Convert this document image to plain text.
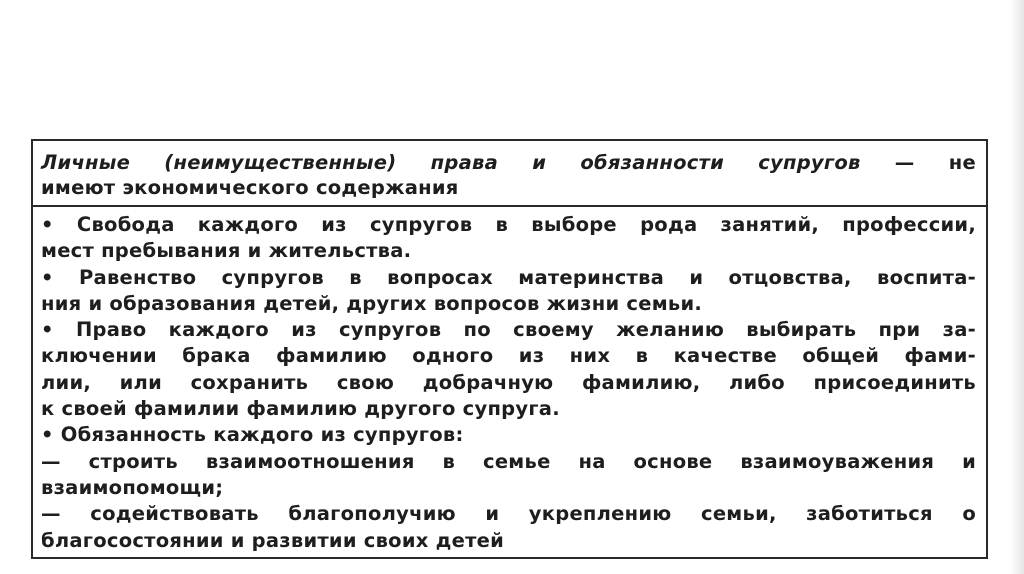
Личные (неимущественные) права и обязанности супругов — не
имеют экономического содержания
• Свобода каждого из супругов в выборе рода занятий, профессии,
мест пребывания и жительства.
• Равенство супругов в вопросах материнства и отцовства, воспита-
ния и образования детей, других вопросов жизни семьи.
• Право каждого из супругов по своему желанию выбирать при за-
ключении брака фамилию одного из них в качестве общей фами-
лии, или сохранить свою добрачную фамилию, либо присоединить
к своей фамилии фамилию другого супруга.
• Обязанность каждого из супругов:
— строить взаимоотношения в семье на основе взаимоуважения и
взаимопомощи;
— содействовать благополучию и укреплению семьи, заботиться о
благосостоянии и развитии своих детей
